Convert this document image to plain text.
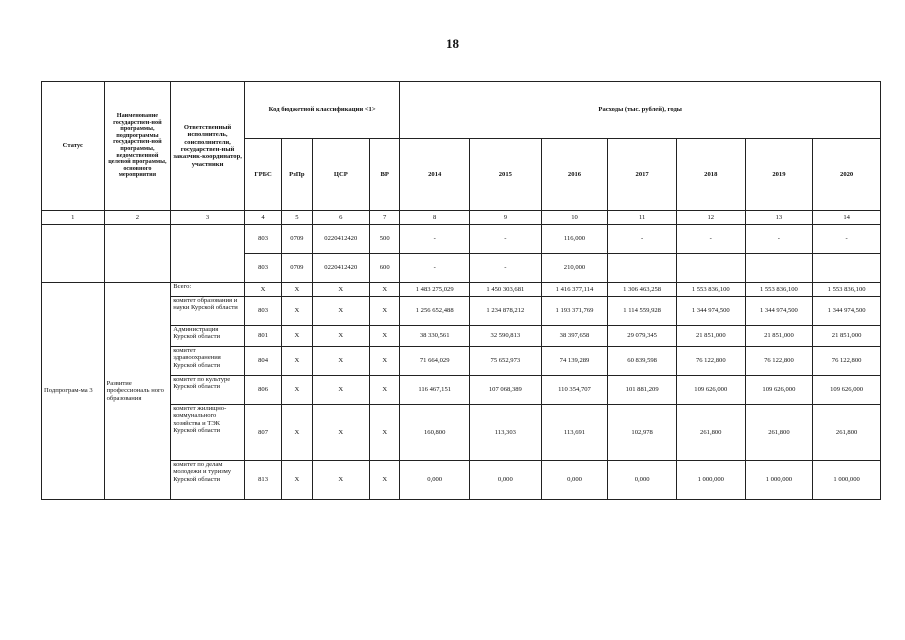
18
Статус	Наименование государствен-ной программы, подпрограммы государствен-ной программы, ведомственной целевой программы, основного мероприятия	Ответственный исполнитель, соисполнители, государствен-ный заказчик-координатор, участники	Код бюджетной классификации <1>				Расходы (тыс. рублей), годы						
			ГРБС	РзПр	ЦСР	ВР	2014	2015	2016	2017	2018	2019	2020
1	2	3	4	5	6	7	8	9	10	11	12	13	14
			803	0709	0220412420	500	-	-	116,000	-	-	-	-
			803	0709	0220412420	600	-	-	210,000				
Подпрограм-ма 3	Развитие профессиональ ного образования	Всего:	X	X	X	X	1 483 275,029	1 450 303,681	1 416 377,114	1 306 463,258	1 553 836,100	1 553 836,100	1 553 836,100
		комитет образования и науки Курской области	803	X	X	X	1 256 652,488	1 234 878,212	1 193 371,769	1 114 559,928	1 344 974,500	1 344 974,500	1 344 974,500
		Администрация Курской области	801	X	X	X	38 330,561	32 590,813	38 397,658	29 079,345	21 851,000	21 851,000	21 851,000
		комитет здравоохранения Курской области	804	X	X	X	71 664,029	75 652,973	74 139,289	60 839,598	76 122,800	76 122,800	76 122,800
		комитет по культуре Курской области	806	X	X	X	116 467,151	107 068,389	110 354,707	101 881,209	109 626,000	109 626,000	109 626,000
		комитет жилищно-коммунального хозяйства и ТЭК Курской области	807	X	X	X	160,800	113,303	113,691	102,978	261,800	261,800	261,800
		комитет по делам молодежи и туризму Курской области	813	X	X	X	0,000	0,000	0,000	0,000	1 000,000	1 000,000	1 000,000
